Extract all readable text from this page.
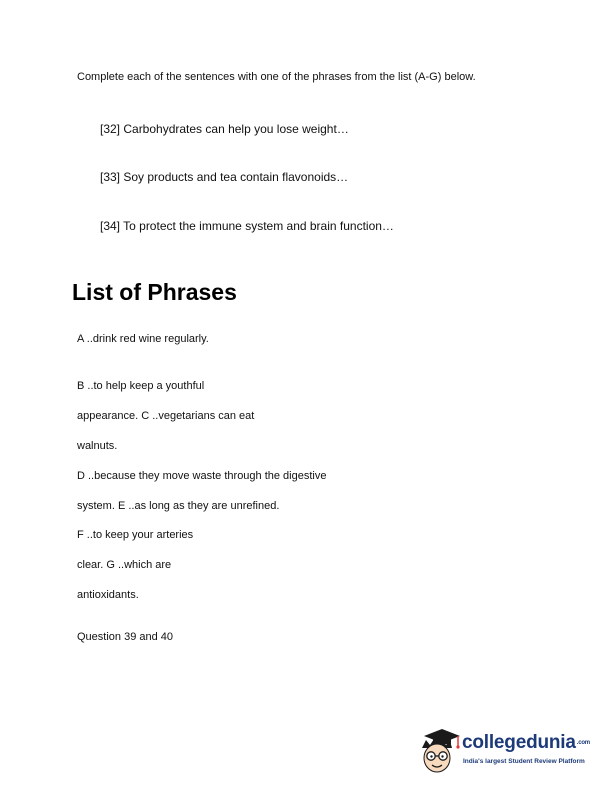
Complete each of the sentences with one of the phrases from the list (A-G) below.
[32] Carbohydrates can help you lose weight…
[33] Soy products and tea contain flavonoids…
[34] To protect the immune system and brain function…
List of Phrases
A ..drink red wine regularly.
B ..to help keep a youthful
appearance. C ..vegetarians can eat
walnuts.
D ..because they move waste through the digestive
system. E ..as long as they are unrefined.
F ..to keep your arteries
clear. G ..which are
antioxidants.
Question 39 and 40
collegedunia$^{.com}$
India's largest Student Review Platform
